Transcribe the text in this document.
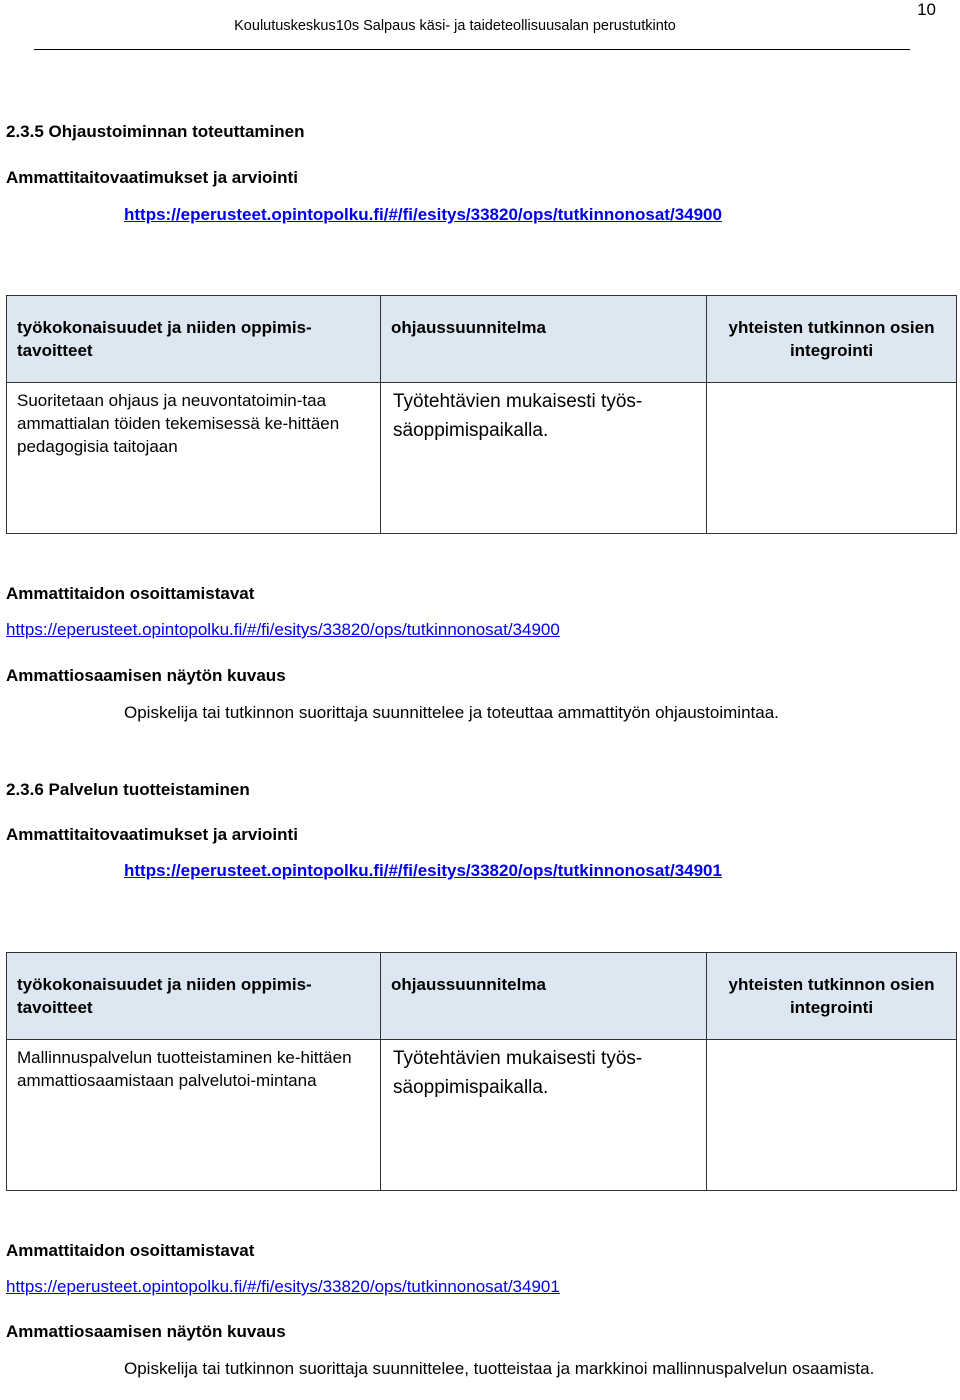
10
Koulutuskeskus10s Salpaus käsi- ja taideteollisuusalan perustutkinto
2.3.5 Ohjaustoiminnan toteuttaminen
Ammattitaitovaatimukset ja arviointi
https://eperusteet.opintopolku.fi/#/fi/esitys/33820/ops/tutkinnonosat/34900
työkokonaisuudet ja niiden oppimis-tavoitteet	ohjaussuunnitelma	yhteisten tutkinnon osien integrointi

Suoritetaan ohjaus ja neuvontatoimin-taa ammattialan töiden tekemisessä ke-hittäen pedagogisia taitojaan	Työtehtävien mukaisesti työs-säoppimispaikalla.	

Ammattitaidon osoittamistavat
https://eperusteet.opintopolku.fi/#/fi/esitys/33820/ops/tutkinnonosat/34900
Ammattiosaamisen näytön kuvaus
Opiskelija tai tutkinnon suorittaja suunnittelee ja toteuttaa ammattityön ohjaustoimintaa.
2.3.6 Palvelun tuotteistaminen
Ammattitaitovaatimukset ja arviointi
https://eperusteet.opintopolku.fi/#/fi/esitys/33820/ops/tutkinnonosat/34901
työkokonaisuudet ja niiden oppimis-tavoitteet	ohjaussuunnitelma	yhteisten tutkinnon osien integrointi

Mallinnuspalvelun tuotteistaminen ke-hittäen ammattiosaamistaan palvelutoi-mintana	Työtehtävien mukaisesti työs-säoppimispaikalla.	

Ammattitaidon osoittamistavat
https://eperusteet.opintopolku.fi/#/fi/esitys/33820/ops/tutkinnonosat/34901
Ammattiosaamisen näytön kuvaus
Opiskelija tai tutkinnon suorittaja suunnittelee, tuotteistaa ja markkinoi mallinnuspalvelun osaamista.
